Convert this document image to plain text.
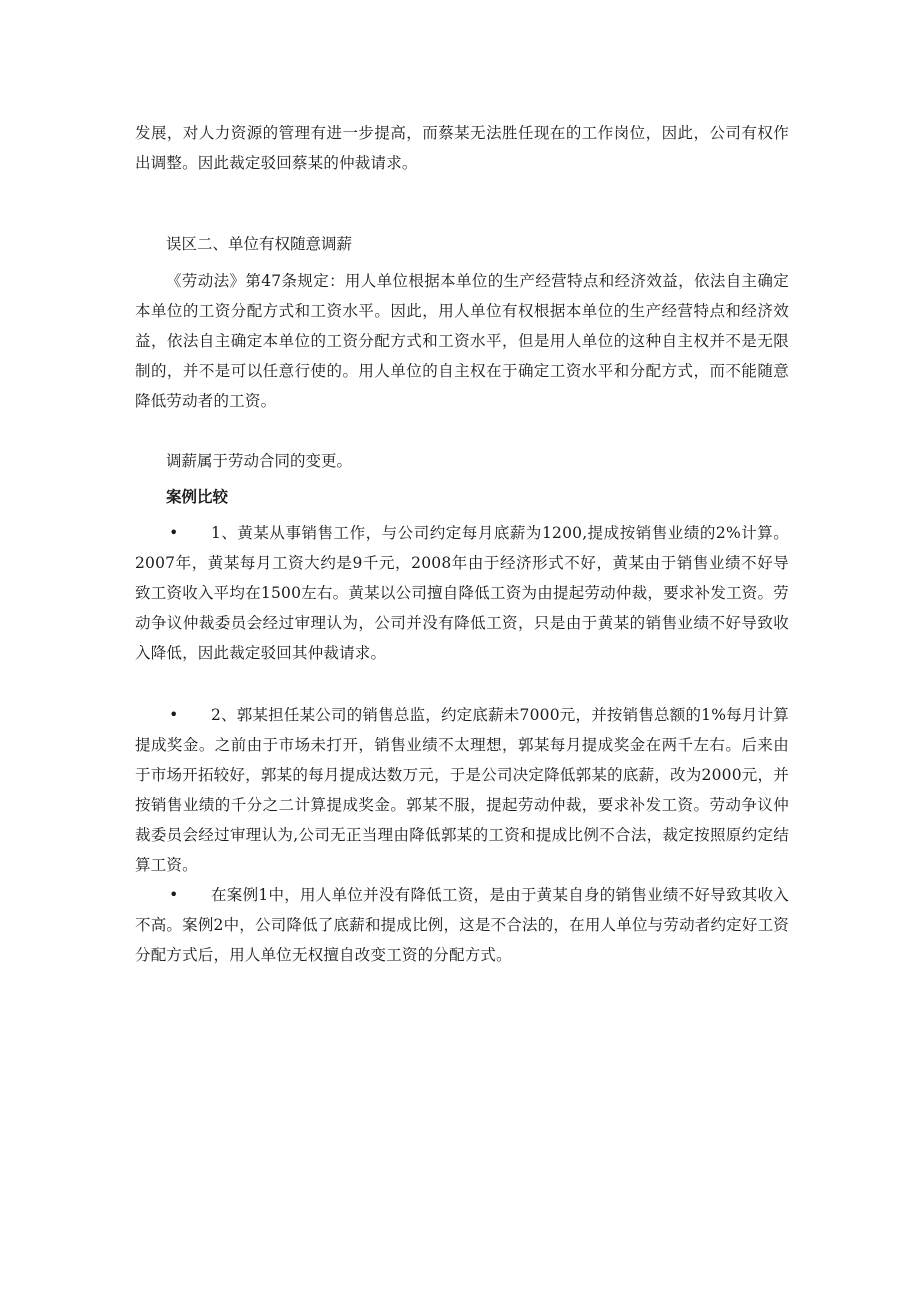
发展，对人力资源的管理有进一步提高，而蔡某无法胜任现在的工作岗位，因此，公司有权作出调整。因此裁定驳回蔡某的仲裁请求。

误区二、单位有权随意调薪

《劳动法》第47条规定：用人单位根据本单位的生产经营特点和经济效益，依法自主确定本单位的工资分配方式和工资水平。因此，用人单位有权根据本单位的生产经营特点和经济效益，依法自主确定本单位的工资分配方式和工资水平，但是用人单位的这种自主权并不是无限制的，并不是可以任意行使的。用人单位的自主权在于确定工资水平和分配方式，而不能随意降低劳动者的工资。

调薪属于劳动合同的变更。

案例比较

• 1、黄某从事销售工作，与公司约定每月底薪为1200,提成按销售业绩的2%计算。2007年，黄某每月工资大约是9千元，2008年由于经济形式不好，黄某由于销售业绩不好导致工资收入平均在1500左右。黄某以公司擅自降低工资为由提起劳动仲裁，要求补发工资。劳动争议仲裁委员会经过审理认为，公司并没有降低工资，只是由于黄某的销售业绩不好导致收入降低，因此裁定驳回其仲裁请求。

• 2、郭某担任某公司的销售总监，约定底薪未7000元，并按销售总额的1%每月计算提成奖金。之前由于市场未打开，销售业绩不太理想，郭某每月提成奖金在两千左右。后来由于市场开拓较好，郭某的每月提成达数万元，于是公司决定降低郭某的底薪，改为2000元，并按销售业绩的千分之二计算提成奖金。郭某不服，提起劳动仲裁，要求补发工资。劳动争议仲裁委员会经过审理认为,公司无正当理由降低郭某的工资和提成比例不合法，裁定按照原约定结算工资。

• 在案例1中，用人单位并没有降低工资，是由于黄某自身的销售业绩不好导致其收入不高。案例2中，公司降低了底薪和提成比例，这是不合法的，在用人单位与劳动者约定好工资分配方式后，用人单位无权擅自改变工资的分配方式。
